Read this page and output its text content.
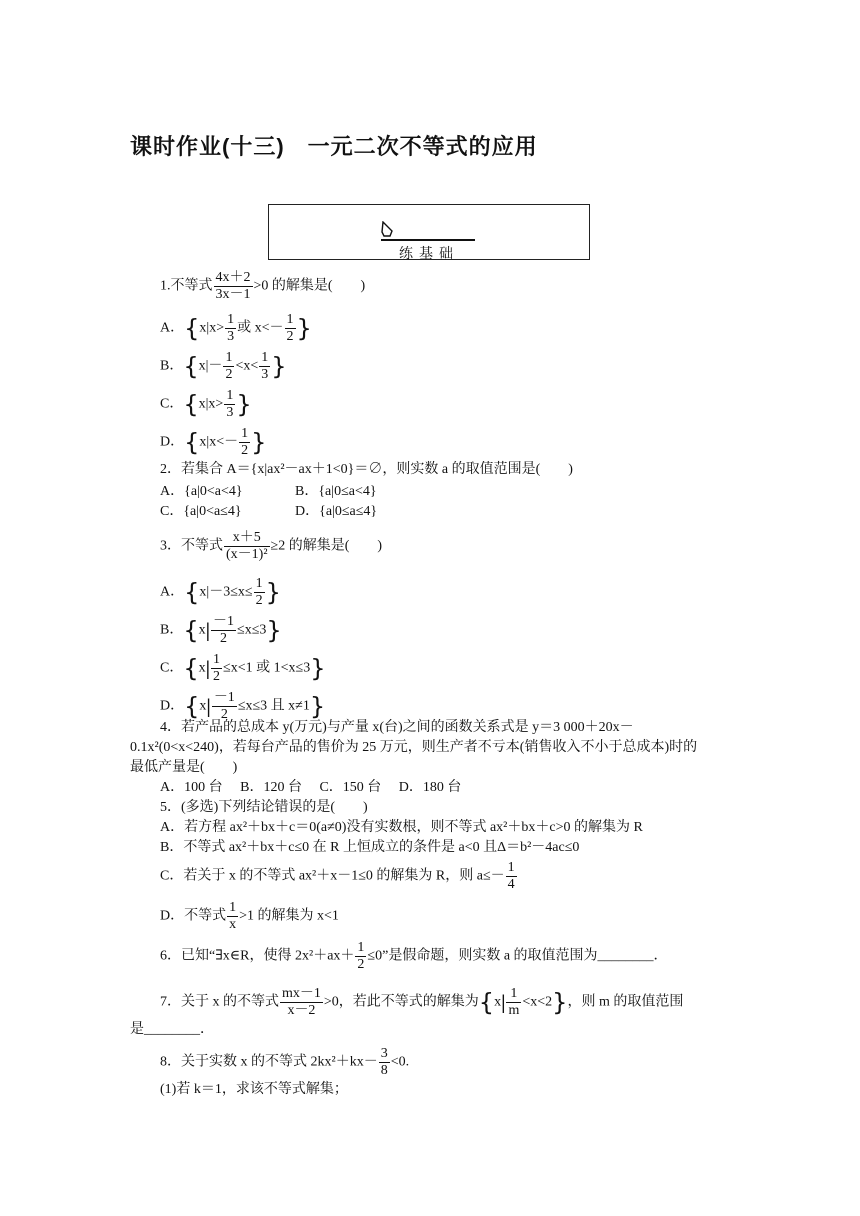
课时作业(十三)　一元二次不等式的应用
练基础
1.不等式 $\frac{4x+2}{3x-1} >0$ 的解集是(　　)
A．{$x|x> \frac{1}{3}$ 或 $x<- \frac{1}{2}$ }
B．{$x|- \frac{1}{2} <x< \frac{1}{3}$ }
C．{$x|x> \frac{1}{3}$ }
D．{$x|x<- \frac{1}{2}$ }
2．若集合 A＝{x|ax²－ax＋1<0}＝∅，则实数 a 的取值范围是(　　)
A．{a|0<a<4}	B．{a|0≤a<4}
C．{a|0<a≤4}	D．{a|0≤a≤4}
3．不等式 $\frac{x+5}{\text{(x－1)²}} \ge 2$ 的解集是(　　)
A．{$x|-3\le x\le \frac{1}{2}$ }
B．$\{x| \frac{-1}{2} \le x\le 3\}$
C．{$x| \frac{1}{2} \le x<1$ 或 1<x≤3}
D．{$x| \frac{-1}{2} \le x\le 3$ 且 x≠1}
4．若产品的总成本 y(万元)与产量 x(台)之间的函数关系式是 y＝3 000＋20x－0.1x²(0<x<240)，若每台产品的售价为 25 万元，则生产者不亏本(销售收入不小于总成本)时的最低产量是(　　)
A．100 台　 B．120 台　 C．150 台　 D．180 台
5．(多选)下列结论错误的是(　　)
A．若方程 ax²＋bx＋c＝0(a≠0)没有实数根，则不等式 ax²＋bx＋c>0 的解集为 R
B．不等式 ax²＋bx＋c≤0 在 R 上恒成立的条件是 a<0 且Δ＝b²－4ac≤0
C．若关于 x 的不等式 ax²＋x－1≤0 的解集为 R，则 $a\le- \frac{1}{4}$
D．不等式 $\frac{1}{x} >1$ 的解集为 x<1
6．已知“∃x∈R，使得 $2x^2+ax+ \frac{1}{2} \le 0$”是假命题，则实数 a 的取值范围为________．
7．关于 x 的不等式 $\frac{mx-1}{x-2} >0$，若此不等式的解集为$\{x| \frac{1}{m} <x<2\}$，则 m 的取值范围
是________．
8．关于实数 x 的不等式 $2kx^2+kx- \frac{3}{8} <0$.
(1)若 k＝1，求该不等式解集；
